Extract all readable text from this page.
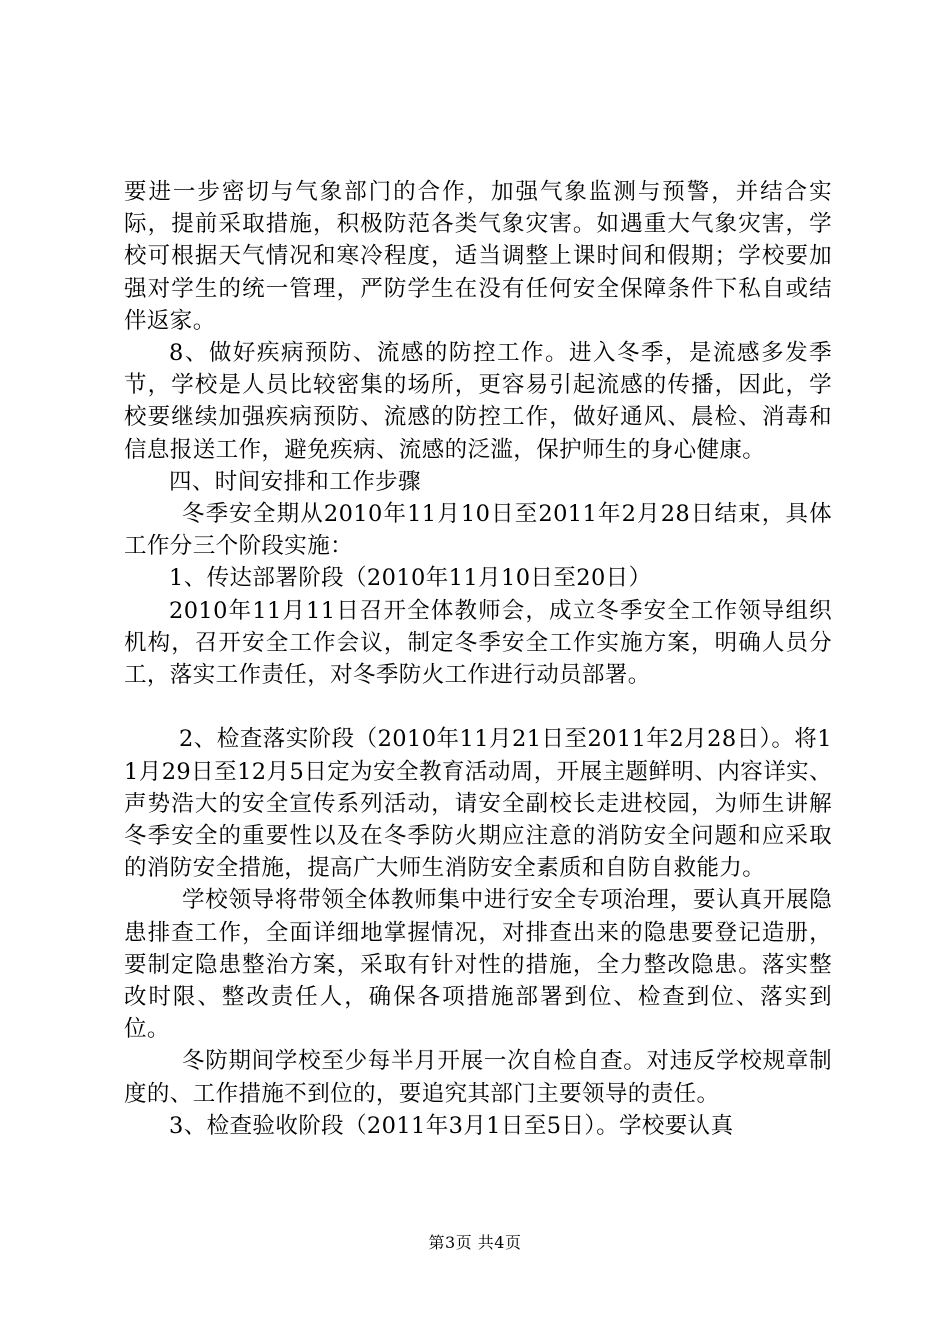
要进一步密切与气象部门的合作，加强气象监测与预警，并结合实际，提前采取措施，积极防范各类气象灾害。如遇重大气象灾害，学校可根据天气情况和寒冷程度，适当调整上课时间和假期；学校要加强对学生的统一管理，严防学生在没有任何安全保障条件下私自或结伴返家。

8、做好疾病预防、流感的防控工作。进入冬季，是流感多发季节，学校是人员比较密集的场所，更容易引起流感的传播，因此，学校要继续加强疾病预防、流感的防控工作，做好通风、晨检、消毒和信息报送工作，避免疾病、流感的泛滥，保护师生的身心健康。

四、时间安排和工作步骤

冬季安全期从2010年11月10日至2011年2月28日结束，具体工作分三个阶段实施：

1、传达部署阶段（2010年11月10日至20日）

2010年11月11日召开全体教师会，成立冬季安全工作领导组织机构，召开安全工作会议，制定冬季安全工作实施方案，明确人员分工，落实工作责任，对冬季防火工作进行动员部署。

2、检查落实阶段（2010年11月21日至2011年2月28日）。将11月29日至12月5日定为安全教育活动周，开展主题鲜明、内容详实、声势浩大的安全宣传系列活动，请安全副校长走进校园，为师生讲解冬季安全的重要性以及在冬季防火期应注意的消防安全问题和应采取的消防安全措施，提高广大师生消防安全素质和自防自救能力。

学校领导将带领全体教师集中进行安全专项治理，要认真开展隐患排查工作，全面详细地掌握情况，对排查出来的隐患要登记造册，要制定隐患整治方案，采取有针对性的措施，全力整改隐患。落实整改时限、整改责任人，确保各项措施部署到位、检查到位、落实到位。

冬防期间学校至少每半月开展一次自检自查。对违反学校规章制度的、工作措施不到位的，要追究其部门主要领导的责任。

3、检查验收阶段（2011年3月1日至5日）。学校要认真

第3页 共4页
